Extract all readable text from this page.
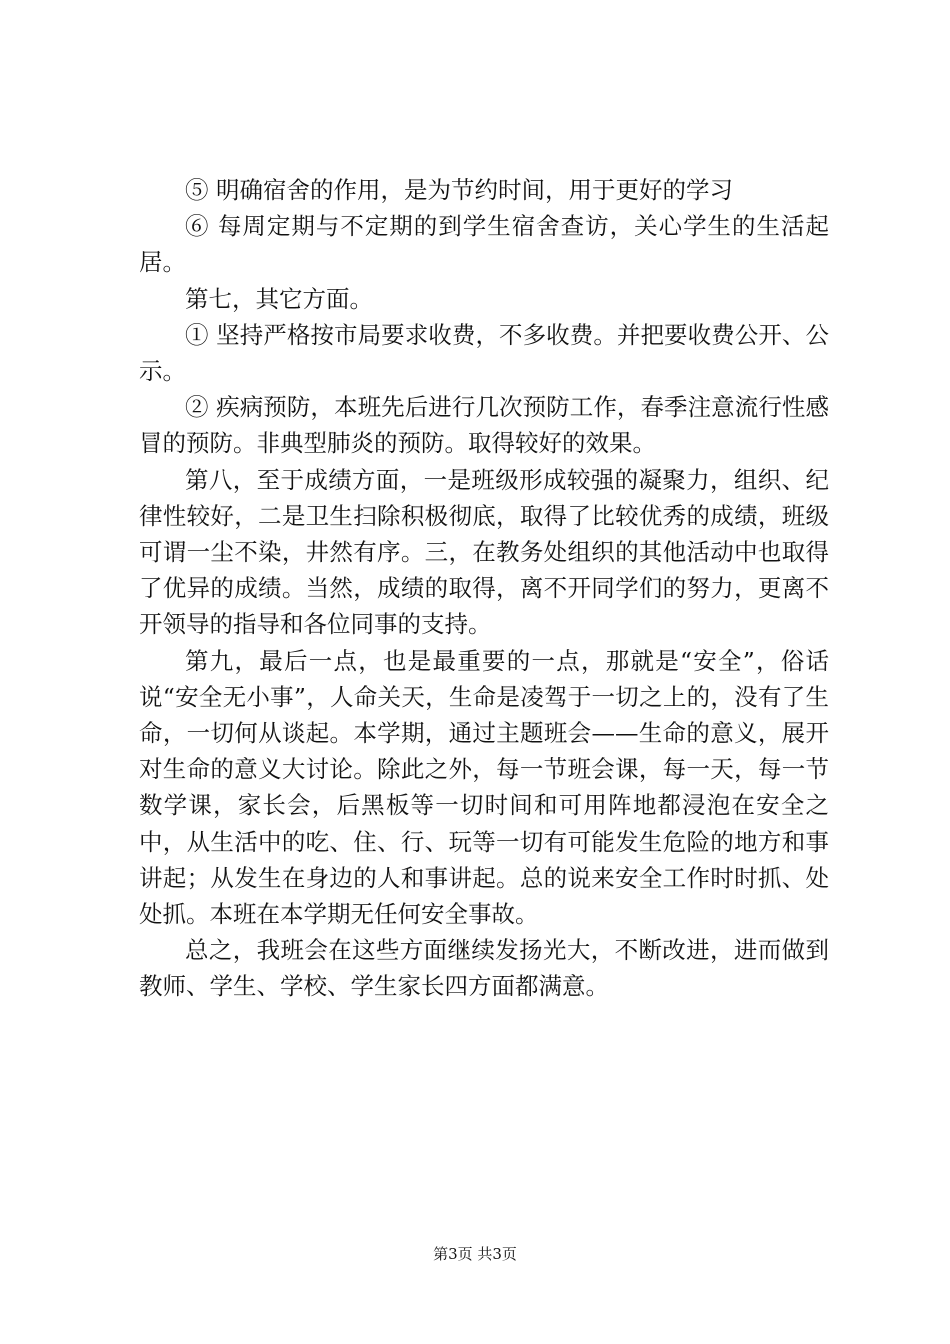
⑤ 明确宿舍的作用，是为节约时间，用于更好的学习

⑥ 每周定期与不定期的到学生宿舍查访，关心学生的生活起居。

第七，其它方面。

① 坚持严格按市局要求收费，不多收费。并把要收费公开、公示。

② 疾病预防，本班先后进行几次预防工作，春季注意流行性感冒的预防。非典型肺炎的预防。取得较好的效果。

第八，至于成绩方面，一是班级形成较强的凝聚力，组织、纪律性较好，二是卫生扫除积极彻底，取得了比较优秀的成绩，班级可谓一尘不染，井然有序。三，在教务处组织的其他活动中也取得了优异的成绩。当然，成绩的取得，离不开同学们的努力，更离不开领导的指导和各位同事的支持。

第九，最后一点，也是最重要的一点，那就是“安全”，俗话说“安全无小事”，人命关天，生命是凌驾于一切之上的，没有了生命，一切何从谈起。本学期，通过主题班会——生命的意义，展开对生命的意义大讨论。除此之外，每一节班会课，每一天，每一节数学课，家长会，后黑板等一切时间和可用阵地都浸泡在安全之中，从生活中的吃、住、行、玩等一切有可能发生危险的地方和事讲起；从发生在身边的人和事讲起。总的说来安全工作时时抓、处处抓。本班在本学期无任何安全事故。

总之，我班会在这些方面继续发扬光大，不断改进，进而做到教师、学生、学校、学生家长四方面都满意。

第3页 共3页
